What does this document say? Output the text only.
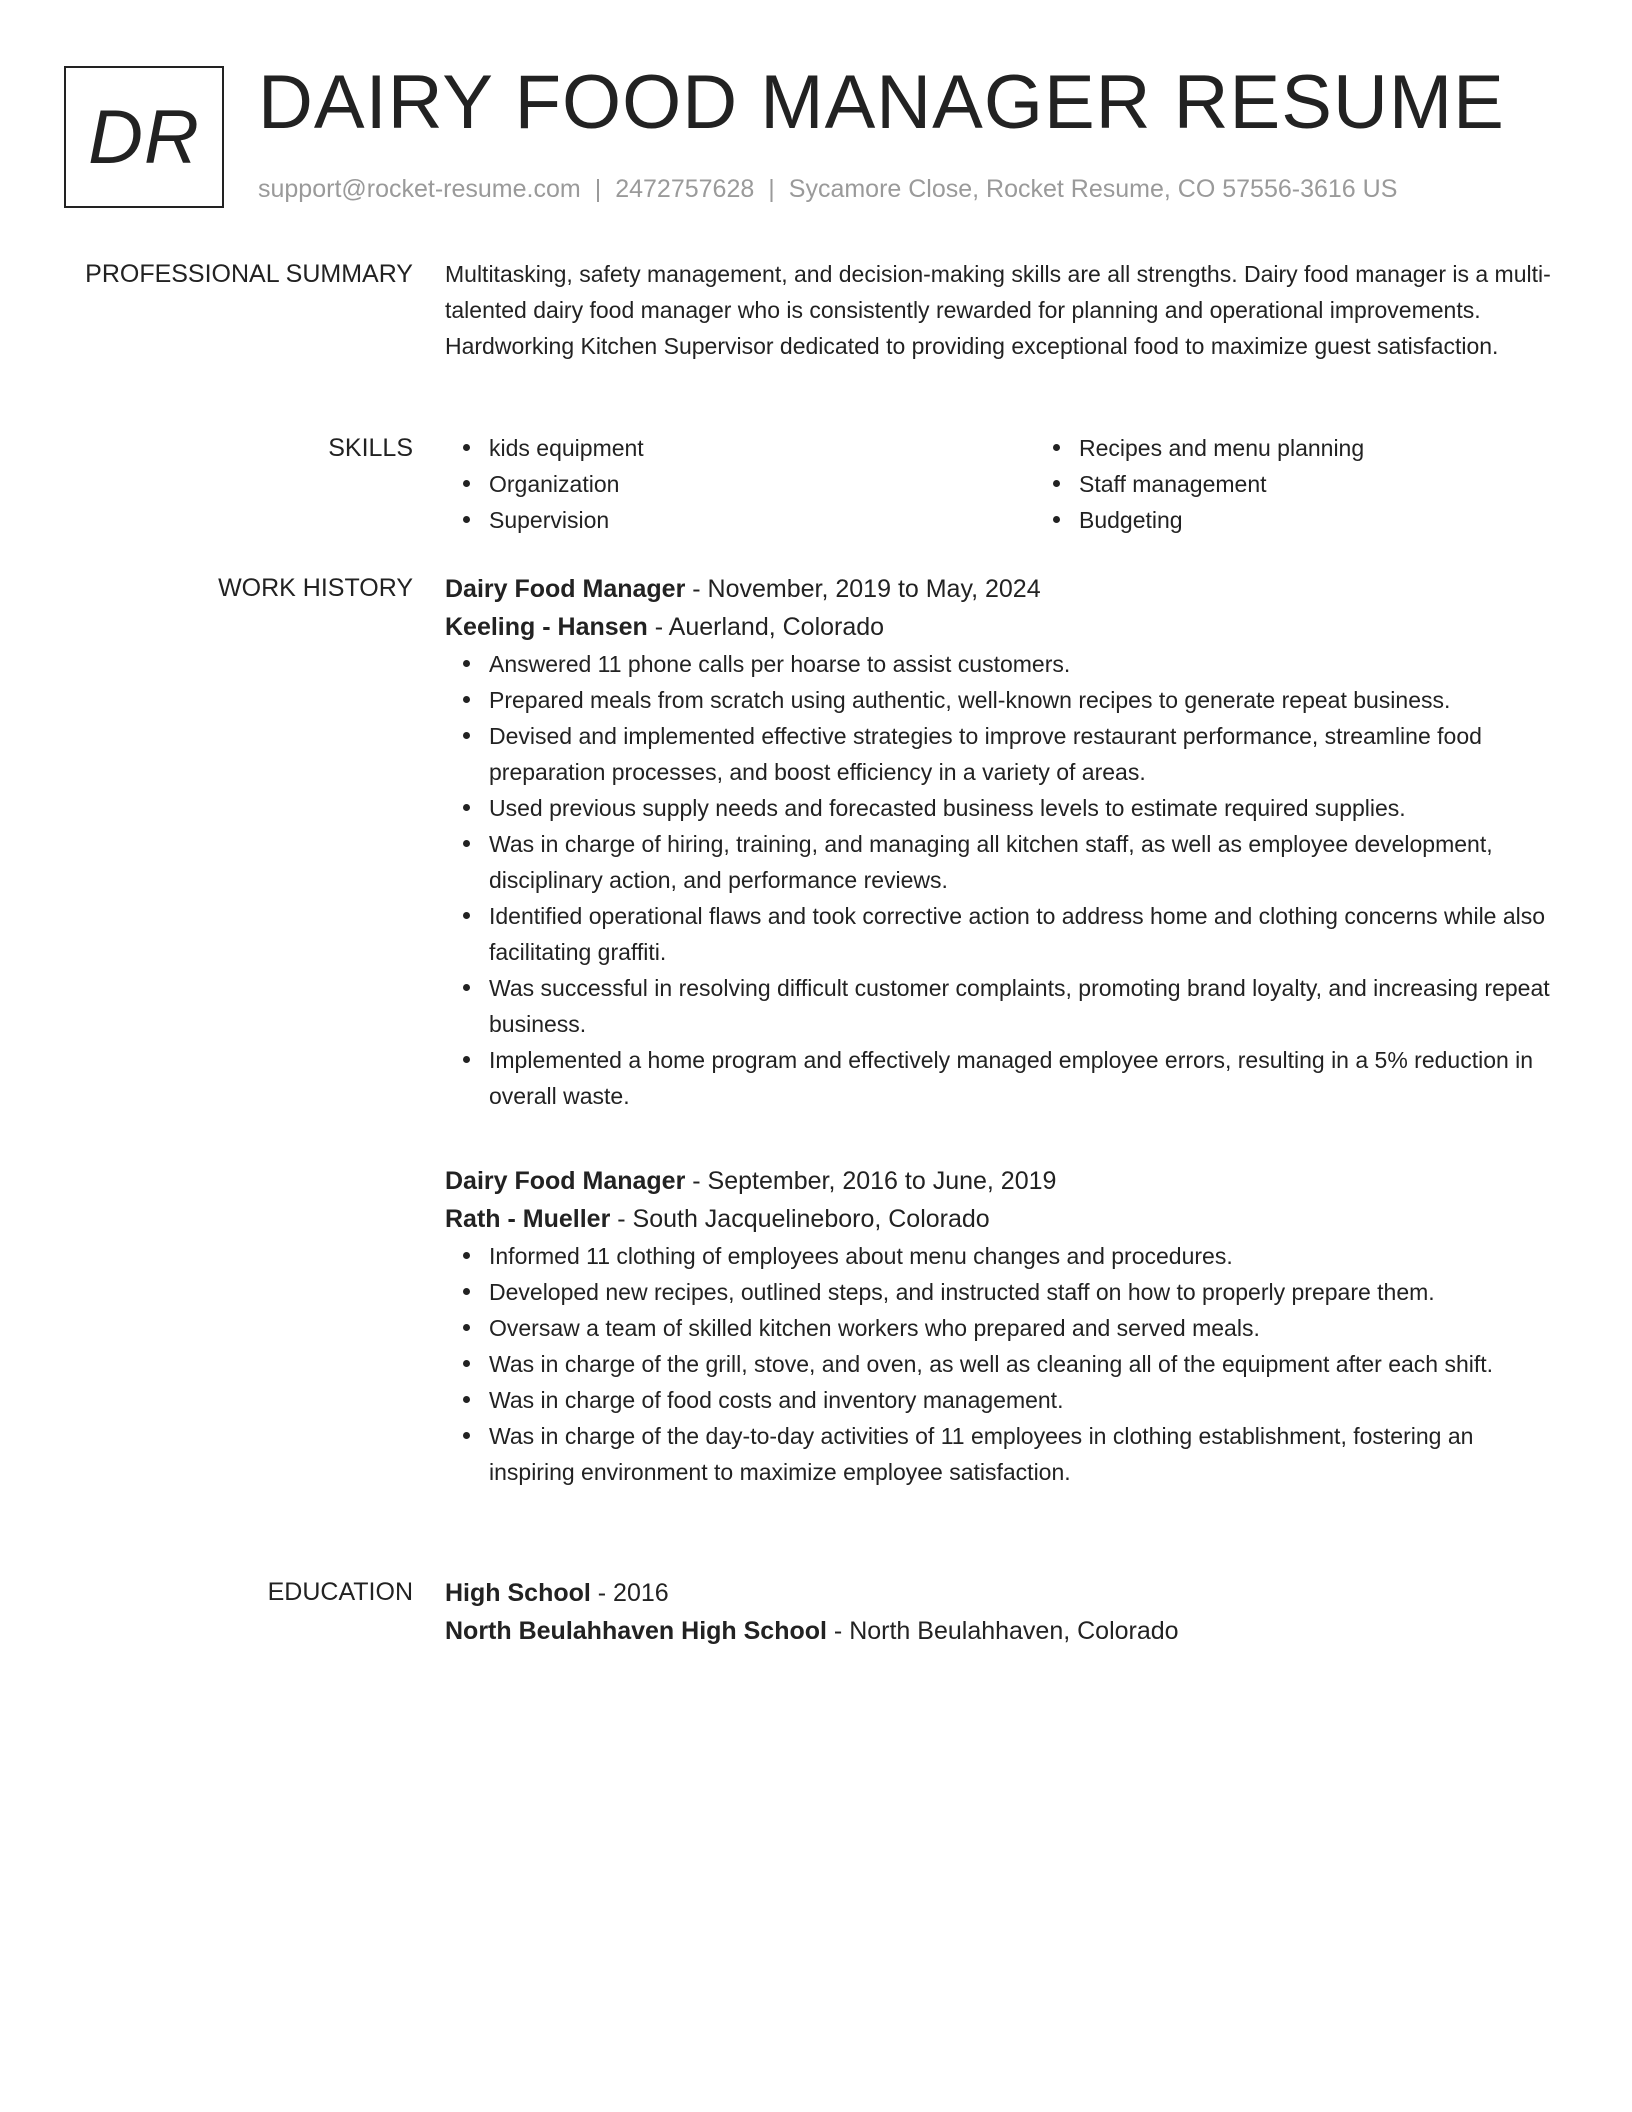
DR DAIRY FOOD MANAGER RESUME
support@rocket-resume.com | 2472757628 | Sycamore Close, Rocket Resume, CO 57556-3616 US
PROFESSIONAL SUMMARY Multitasking, safety management, and decision-making skills are all strengths. Dairy food manager is a multi-talented dairy food manager who is consistently rewarded for planning and operational improvements. Hardworking Kitchen Supervisor dedicated to providing exceptional food to maximize guest satisfaction.

SKILLS	kids equipment
Organization
Supervision
Recipes and menu planning
Staff management
Budgeting
WORK HISTORY Dairy Food Manager - November, 2019 to May, 2024

Keeling - Hansen - Auerland, Colorado

Answered 11 phone calls per hoarse to assist customers.
Prepared meals from scratch using authentic, well-known recipes to generate repeat business.
Devised and implemented effective strategies to improve restaurant performance, streamline food preparation processes, and boost efficiency in a variety of areas.
Used previous supply needs and forecasted business levels to estimate required supplies.
Was in charge of hiring, training, and managing all kitchen staff, as well as employee development, disciplinary action, and performance reviews.
Identified operational flaws and took corrective action to address home and clothing concerns while also facilitating graffiti.
Was successful in resolving difficult customer complaints, promoting brand loyalty, and increasing repeat business.
Implemented a home program and effectively managed employee errors, resulting in a 5% reduction in overall waste.

Dairy Food Manager - September, 2016 to June, 2019

Rath - Mueller - South Jacquelineboro, Colorado

Informed 11 clothing of employees about menu changes and procedures.
Developed new recipes, outlined steps, and instructed staff on how to properly prepare them.
Oversaw a team of skilled kitchen workers who prepared and served meals.
Was in charge of the grill, stove, and oven, as well as cleaning all of the equipment after each shift.
Was in charge of food costs and inventory management.
Was in charge of the day-to-day activities of 11 employees in clothing establishment, fostering an inspiring environment to maximize employee satisfaction.
EDUCATION High School - 2016

North Beulahhaven High School - North Beulahhaven, Colorado
